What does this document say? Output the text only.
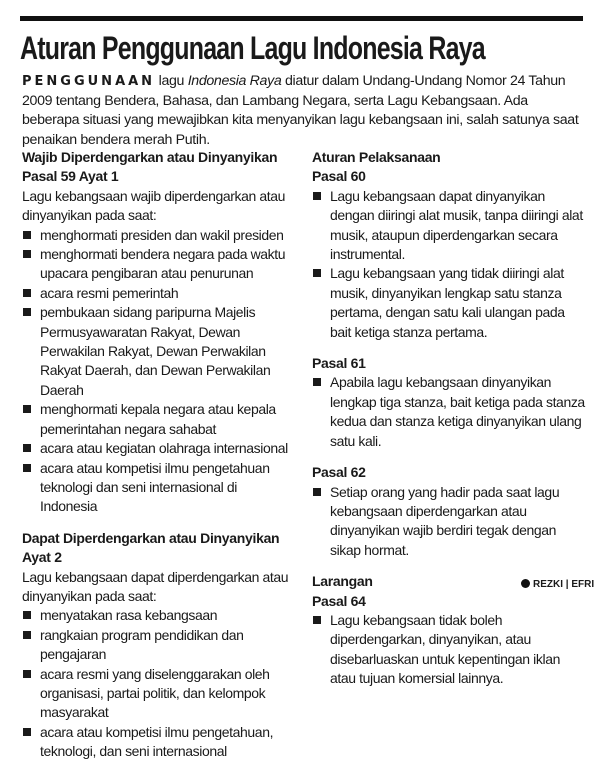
Aturan Penggunaan Lagu Indonesia Raya

PENGGUNAAN lagu Indonesia Raya diatur dalam Undang-Undang Nomor 24 Tahun 2009 tentang Bendera, Bahasa, dan Lambang Negara, serta Lagu Kebangsaan. Ada beberapa situasi yang mewajibkan kita menyanyikan lagu kebangsaan ini, salah satunya saat penaikan bendera merah Putih.

Wajib Diperdengarkan atau Dinyanyikan

Pasal 59 Ayat 1

Lagu kebangsaan wajib diperdengarkan atau dinyanyikan pada saat:

menghormati presiden dan wakil presiden
menghormati bendera negara pada waktu upacara pengibaran atau penurunan
acara resmi pemerintah
pembukaan sidang paripurna Majelis Permusyawaratan Rakyat, Dewan Perwakilan Rakyat, Dewan Perwakilan Rakyat Daerah, dan Dewan Perwakilan Daerah
menghormati kepala negara atau kepala pemerintahan negara sahabat
acara atau kegiatan olahraga internasional
acara atau kompetisi ilmu pengetahuan teknologi dan seni internasional di Indonesia

Dapat Diperdengarkan atau Dinyanyikan

Ayat 2

Lagu kebangsaan dapat diperdengarkan atau dinyanyikan pada saat:

menyatakan rasa kebangsaan
rangkaian program pendidikan dan pengajaran
acara resmi yang diselenggarakan oleh organisasi, partai politik, dan kelompok masyarakat
acara atau kompetisi ilmu pengetahuan, teknologi, dan seni internasional

Aturan Pelaksanaan

Pasal 60

Lagu kebangsaan dapat dinyanyikan dengan diiringi alat musik, tanpa diiringi alat musik, ataupun diperdengarkan secara instrumental.
Lagu kebangsaan yang tidak diiringi alat musik, dinyanyikan lengkap satu stanza pertama, dengan satu kali ulangan pada bait ketiga stanza pertama.

Pasal 61

Apabila lagu kebangsaan dinyanyikan lengkap tiga stanza, bait ketiga pada stanza kedua dan stanza ketiga dinyanyikan ulang satu kali.

Pasal 62

Setiap orang yang hadir pada saat lagu kebangsaan diperdengarkan atau dinyanyikan wajib berdiri tegak dengan sikap hormat.

Larangan

Pasal 64

Lagu kebangsaan tidak boleh diperdengarkan, dinyanyikan, atau disebarluaskan untuk kepentingan iklan atau tujuan komersial lainnya.
REZKI | EFRI
